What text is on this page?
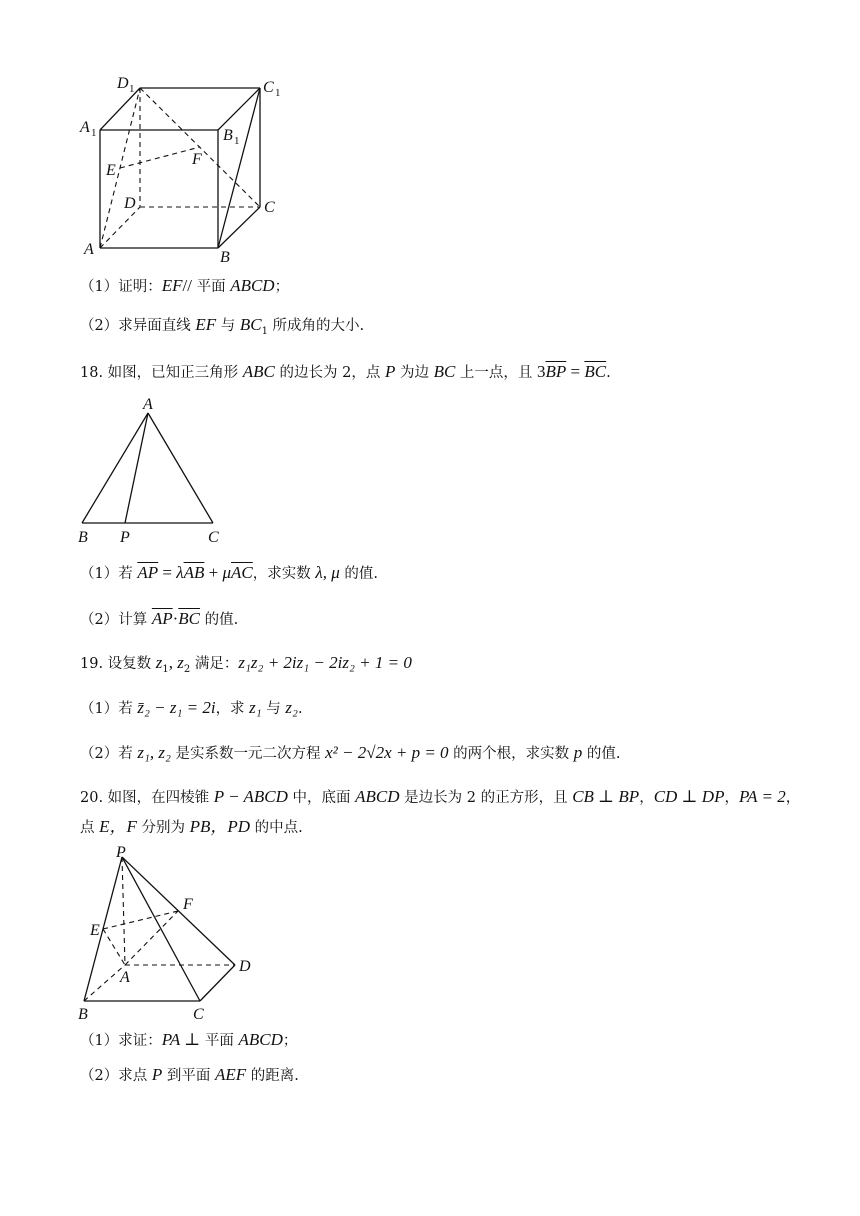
D 1	C 1
A 1	B 1
E
F
D	C
A	B
（1）证明：EF// 平面 ABCD；
（2）求异面直线 EF 与 $BC_1$ 所成角的大小.
18. 如图，已知正三角形 ABC 的边长为 2，点 P 为边 BC 上一点，且 $3\overline{BP} = \overline{BC}$.
A
B P	C
（1）若 $\overline{AP} = \lambda\overline{AB} + \mu\overline{AC}$，求实数 λ, μ 的值.
（2）计算 $\overline{AP}\cdot\overline{BC}$ 的值.
19. 设复数 $z_1$, $z_2$ 满足：z₁z₂ + 2iz₁ − 2iz₂ + 1 = 0
（1）若 z̄₂ − z₁ = 2i，求 z₁ 与 z₂.
（2）若 z₁, z₂ 是实系数一元二次方程 x² − 2√2x + p = 0 的两个根，求实数 p 的值.
20. 如图，在四棱锥 P − ABCD 中，底面 ABCD 是边长为 2 的正方形，且 CB ⊥ BP，CD ⊥ DP，PA = 2，
点 E，F 分别为 PB，PD 的中点.
P
F
E
A
D
B	C
（1）求证：PA ⊥ 平面 ABCD；
（2）求点 P 到平面 AEF 的距离.
